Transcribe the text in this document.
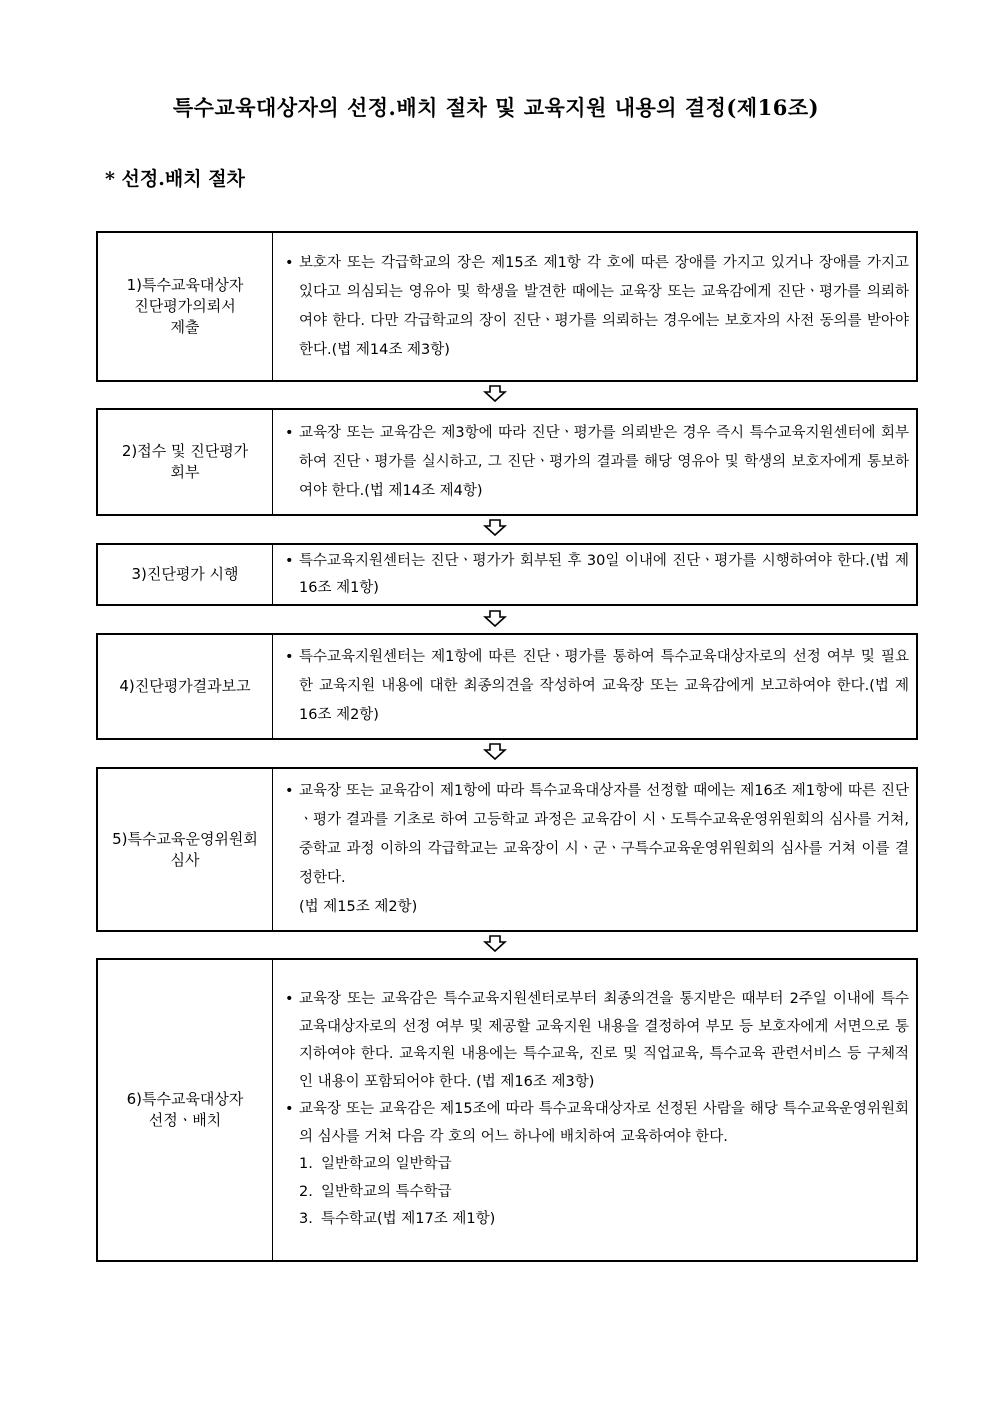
특수교육대상자의 선정.배치 절차 및 교육지원 내용의 결정(제16조)
* 선정.배치 절차
1)특수교육대상자
진단평가의뢰서
제출
• 보호자 또는 각급학교의 장은 제15조 제1항 각 호에 따른 장애를 가지고 있거나 장애를 가지고 있다고 의심되는 영유아 및 학생을 발견한 때에는 교육장 또는 교육감에게 진단ㆍ평가를 의뢰하여야 한다. 다만 각급학교의 장이 진단ㆍ평가를 의뢰하는 경우에는 보호자의 사전 동의를 받아야 한다.(법 제14조 제3항)
2)접수 및 진단평가
회부
• 교육장 또는 교육감은 제3항에 따라 진단ㆍ평가를 의뢰받은 경우 즉시 특수교육지원센터에 회부하여 진단ㆍ평가를 실시하고, 그 진단ㆍ평가의 결과를 해당 영유아 및 학생의 보호자에게 통보하여야 한다.(법 제14조 제4항)
3)진단평가 시행
• 특수교육지원센터는 진단ㆍ평가가 회부된 후 30일 이내에 진단ㆍ평가를 시행하여야 한다.(법 제16조 제1항)
4)진단평가결과보고
• 특수교육지원센터는 제1항에 따른 진단ㆍ평가를 통하여 특수교육대상자로의 선정 여부 및 필요한 교육지원 내용에 대한 최종의견을 작성하여 교육장 또는 교육감에게 보고하여야 한다.(법 제16조 제2항)
5)특수교육운영위원회
심사
• 교육장 또는 교육감이 제1항에 따라 특수교육대상자를 선정할 때에는 제16조 제1항에 따른 진단ㆍ평가 결과를 기초로 하여 고등학교 과정은 교육감이 시ㆍ도특수교육운영위원회의 심사를 거쳐, 중학교 과정 이하의 각급학교는 교육장이 시ㆍ군ㆍ구특수교육운영위원회의 심사를 거쳐 이를 결정한다.
(법 제15조 제2항)
6)특수교육대상자
선정ㆍ배치
• 교육장 또는 교육감은 특수교육지원센터로부터 최종의견을 통지받은 때부터 2주일 이내에 특수교육대상자로의 선정 여부 및 제공할 교육지원 내용을 결정하여 부모 등 보호자에게 서면으로 통지하여야 한다. 교육지원 내용에는 특수교육, 진로 및 직업교육, 특수교육 관련서비스 등 구체적인 내용이 포함되어야 한다. (법 제16조 제3항)
• 교육장 또는 교육감은 제15조에 따라 특수교육대상자로 선정된 사람을 해당 특수교육운영위원회의 심사를 거쳐 다음 각 호의 어느 하나에 배치하여 교육하여야 한다.
1. 일반학교의 일반학급
2. 일반학교의 특수학급
3. 특수학교(법 제17조 제1항)
